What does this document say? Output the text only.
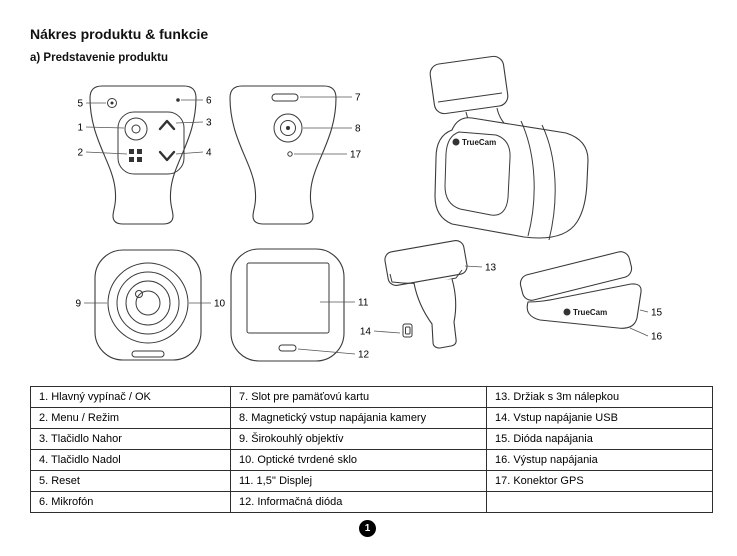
Nákres produktu & funkcie
a) Predstavenie produktu
5
1
2
6
3
4
7
8
17
TrueCam
9	10	11
12
13
14
TrueCam	15
16
1. Hlavný vypínač / OK	7. Slot pre pamäťovú kartu	13. Držiak s 3m nálepkou
2. Menu / Režim	8. Magnetický vstup napájania kamery	14. Vstup napájanie USB
3. Tlačidlo Nahor	9. Širokouhlý objektív	15. Dióda napájania
4. Tlačidlo Nadol	10. Optické tvrdené sklo	16. Výstup napájania
5. Reset	11. 1,5'' Displej	17. Konektor GPS
6. Mikrofón	12. Informačná dióda	
1
